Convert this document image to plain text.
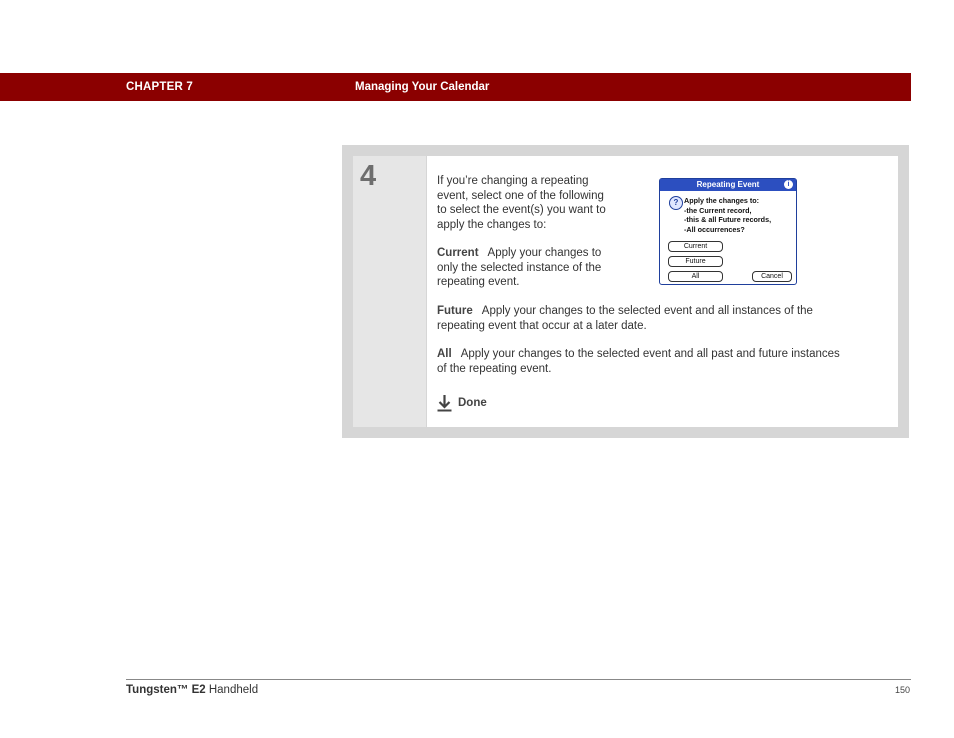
CHAPTER 7	Managing Your Calendar
4	If you’re changing a repeating
event, select one of the following
to select the event(s) you want to
apply the changes to:
Current Apply your changes to
only the selected instance of the
repeating event.
Future Apply your changes to the selected event and all instances of the
repeating event that occur at a later date.
All Apply your changes to the selected event and all past and future instances
of the repeating event.
Done
Repeating Event	i
? Apply the changes to:
-the Current record,
-this & all Future records,
-All occurrences?
Current
Future
All	Cancel
Tungsten™ E2 Handheld	150
